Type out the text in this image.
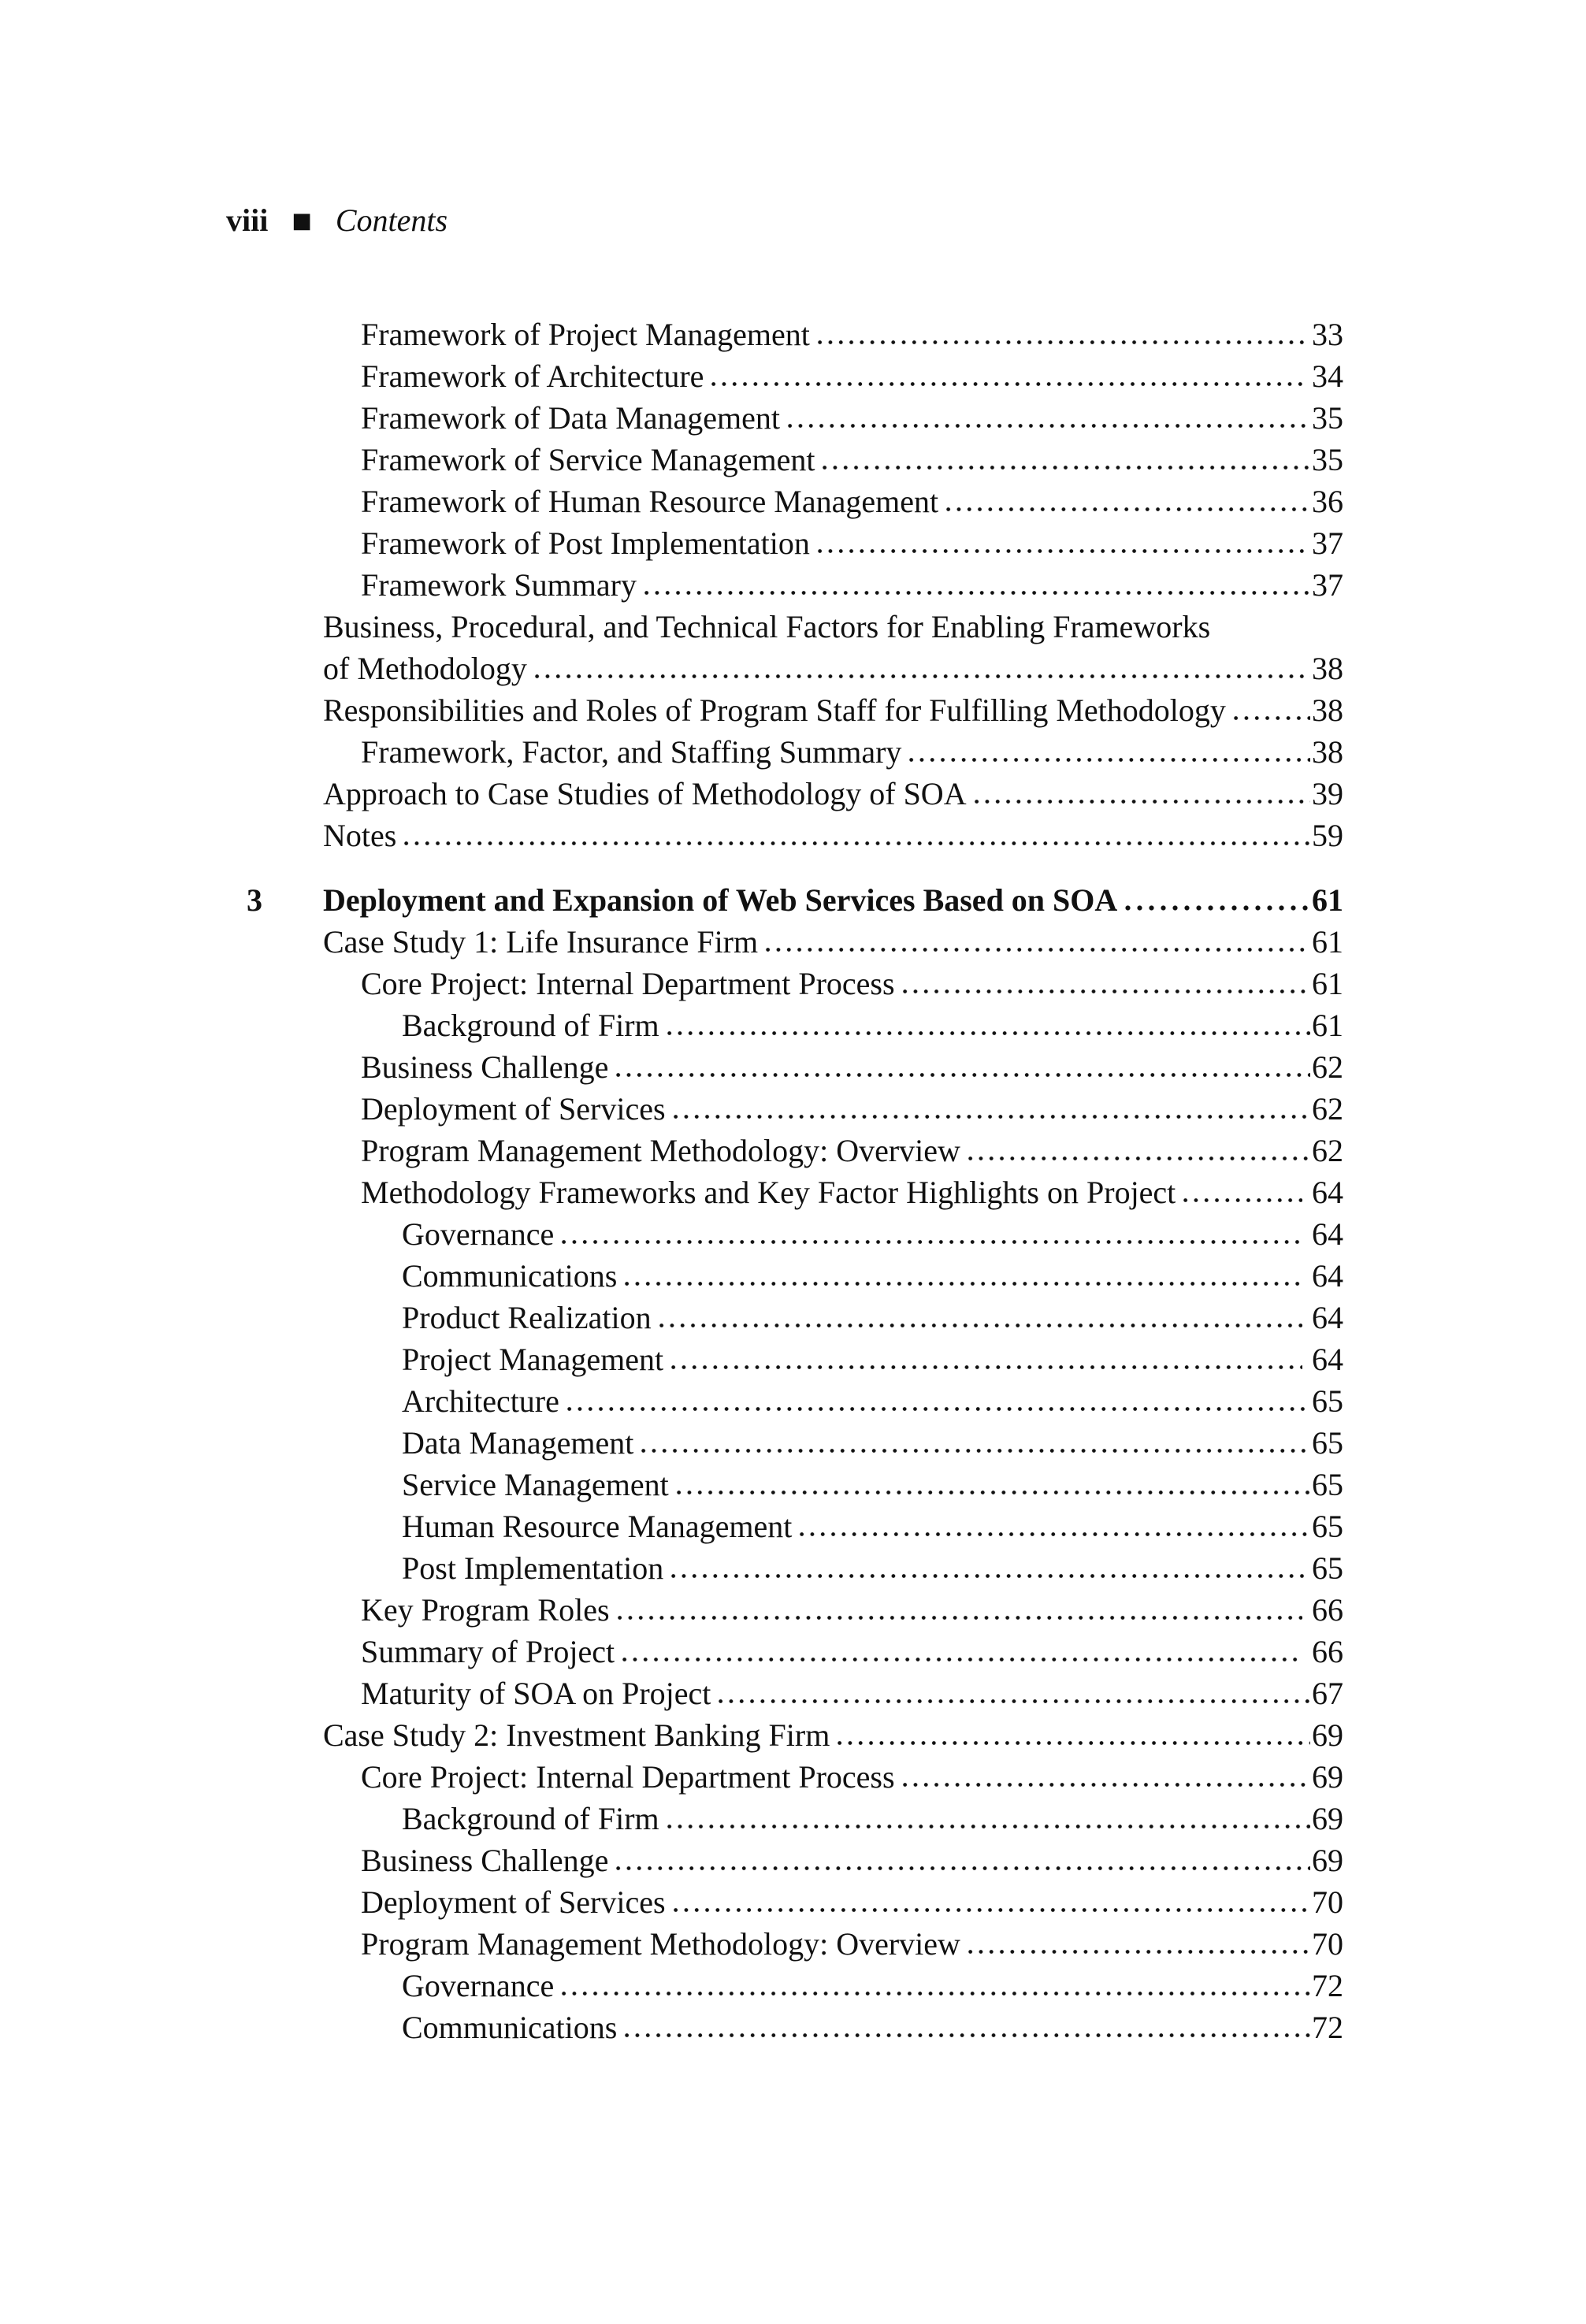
viii ■ Contents
Framework of Project Management	33
Framework of Architecture	34
Framework of Data Management	35
Framework of Service Management	35
Framework of Human Resource Management	36
Framework of Post Implementation	37
Framework Summary	37
Business, Procedural, and Technical Factors for Enabling Frameworks
of Methodology	38
Responsibilities and Roles of Program Staff for Fulfilling Methodology	38
Framework, Factor, and Staffing Summary	38
Approach to Case Studies of Methodology of SOA	39
Notes	59
3 Deployment and Expansion of Web Services Based on SOA	61
Case Study 1: Life Insurance Firm	61
Core Project: Internal Department Process	61
Background of Firm	61
Business Challenge	62
Deployment of Services	62
Program Management Methodology: Overview	62
Methodology Frameworks and Key Factor Highlights on Project	64
Governance	64
Communications	64
Product Realization	64
Project Management	64
Architecture	65
Data Management	65
Service Management	65
Human Resource Management	65
Post Implementation	65
Key Program Roles	66
Summary of Project	66
Maturity of SOA on Project	67
Case Study 2: Investment Banking Firm	69
Core Project: Internal Department Process	69
Background of Firm	69
Business Challenge	69
Deployment of Services	70
Program Management Methodology: Overview	70
Governance	72
Communications	72
